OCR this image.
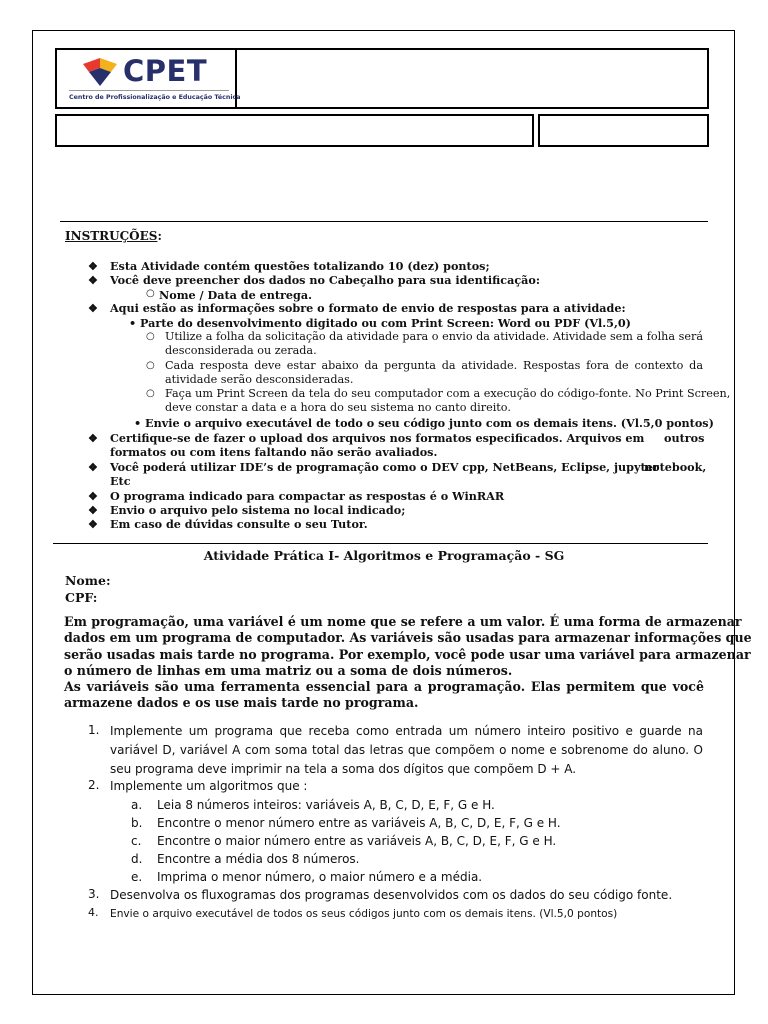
CPET
Centro de Profissionalização e Educação Técnica
INSTRUÇÕES:
❖ Esta Atividade contém questões totalizando 10 (dez) pontos;
❖ Você deve preencher dos dados no Cabeçalho para sua identificação:
○ Nome / Data de entrega.
❖ Aqui estão as informações sobre o formato de envio de respostas para a atividade:
• Parte do desenvolvimento digitado ou com Print Screen: Word ou PDF (Vl.5,0)
○ Utilize a folha da solicitação da atividade para o envio da atividade. Atividade sem a folha será
desconsiderada ou zerada.
○ Cada resposta deve estar abaixo da pergunta da atividade. Respostas fora de contexto da
atividade serão desconsideradas.
○ Faça um Print Screen da tela do seu computador com a execução do código-fonte. No Print Screen,
deve constar a data e a hora do seu sistema no canto direito.
• Envie o arquivo executável de todo o seu código junto com os demais itens. (Vl.5,0 pontos)
❖ Certifique-se de fazer o upload dos arquivos nos formatos especificados. Arquivos em outros
formatos ou com itens faltando não serão avaliados.
❖ Você poderá utilizar IDE’s de programação como o DEV cpp, NetBeans, Eclipse, jupyter
notebook,
Etc
❖ O programa indicado para compactar as respostas é o WinRAR
❖ Envio o arquivo pelo sistema no local indicado;
❖ Em caso de dúvidas consulte o seu Tutor.
Atividade Prática I- Algoritmos e Programação - SG
Nome:
CPF:
Em programação, uma variável é um nome que se refere a um valor. É uma forma de armazenar
dados em um programa de computador. As variáveis são usadas para armazenar informações que
serão usadas mais tarde no programa. Por exemplo, você pode usar uma variável para armazenar
o número de linhas em uma matriz ou a soma de dois números.
As variáveis são uma ferramenta essencial para a programação. Elas permitem que você
armazene dados e os use mais tarde no programa.
1. Implemente um programa que receba como entrada um número inteiro positivo e guarde na
variável D, variável A com soma total das letras que compõem o nome e sobrenome do aluno. O
seu programa deve imprimir na tela a soma dos dígitos que compõem D + A.
2. Implemente um algoritmos que :
a. Leia 8 números inteiros: variáveis A, B, C, D, E, F, G e H.
b. Encontre o menor número entre as variáveis A, B, C, D, E, F, G e H.
c. Encontre o maior número entre as variáveis A, B, C, D, E, F, G e H.
d. Encontre a média dos 8 números.
e. Imprima o menor número, o maior número e a média.
3. Desenvolva os fluxogramas dos programas desenvolvidos com os dados do seu código fonte.
4. Envie o arquivo executável de todos os seus códigos junto com os demais itens. (Vl.5,0 pontos)
